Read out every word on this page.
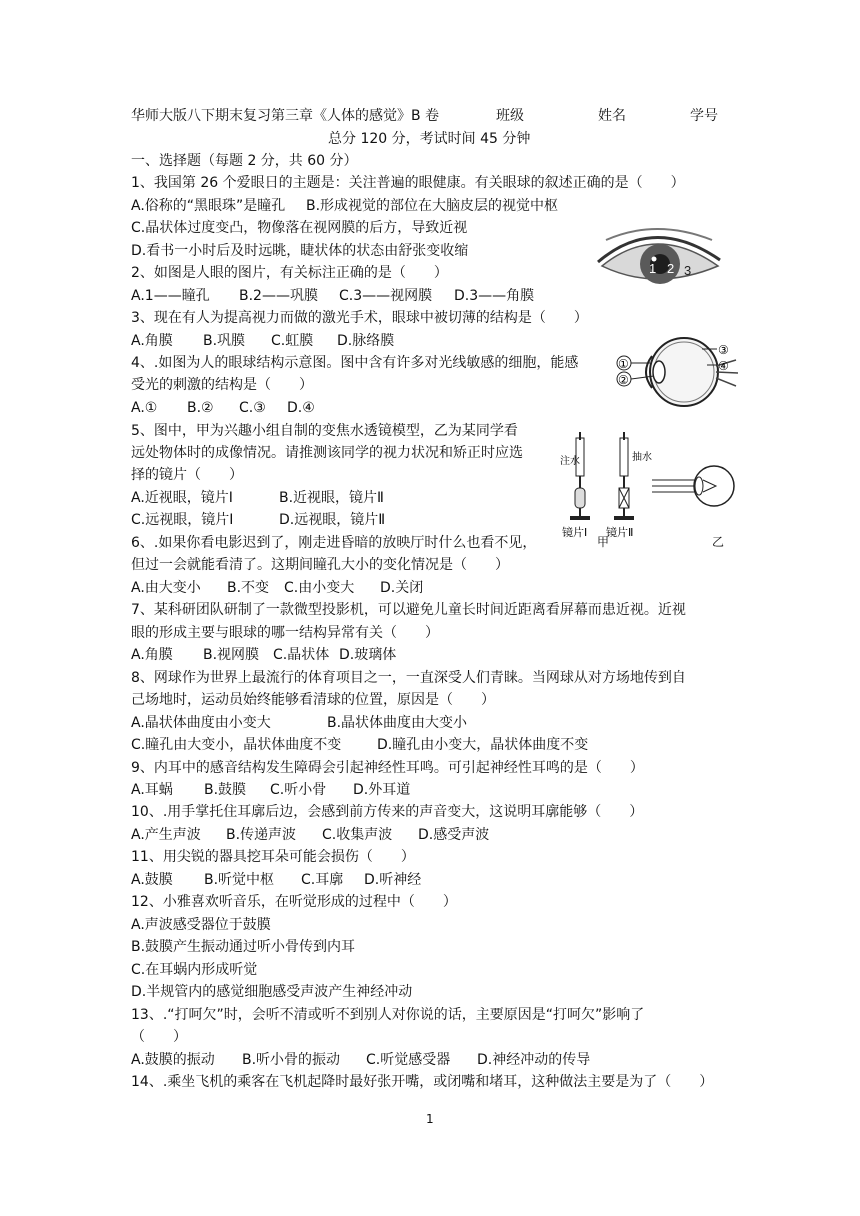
华师大版八下期末复习第三章《人体的感觉》B 卷	班级	姓名	学号
总分 120 分，考试时间 45 分钟
一、选择题（每题 2 分，共 60 分）
1、我国第 26 个爱眼日的主题是：关注普遍的眼健康。有关眼球的叙述正确的是（　　）
A.俗称的“黑眼珠”是瞳孔 B.形成视觉的部位在大脑皮层的视觉中枢
C.晶状体过度变凸，物像落在视网膜的后方，导致近视
D.看书一小时后及时远眺，睫状体的状态由舒张变收缩
2、如图是人眼的图片，有关标注正确的是（　　）
A.1——瞳孔 B.2——巩膜 C.3——视网膜 D.3——角膜
3、现在有人为提高视力而做的激光手术，眼球中被切薄的结构是（　　）
A.角膜 B.巩膜 C.虹膜 D.脉络膜
4、.如图为人的眼球结构示意图。图中含有许多对光线敏感的细胞，能感
受光的刺激的结构是（　　）
A.① B.② C.③ D.④
5、图中，甲为兴趣小组自制的变焦水透镜模型，乙为某同学看
远处物体时的成像情况。请推测该同学的视力状况和矫正时应选
择的镜片（　　）
A.近视眼，镜片Ⅰ	B.近视眼，镜片Ⅱ
C.远视眼，镜片Ⅰ	D.远视眼，镜片Ⅱ
6、.如果你看电影迟到了，刚走进昏暗的放映厅时什么也看不见，
但过一会就能看清了。这期间瞳孔大小的变化情况是（　　）
A.由大变小 B.不变 C.由小变大 D.关闭
7、某科研团队研制了一款微型投影机，可以避免儿童长时间近距离看屏幕而患近视。近视
眼的形成主要与眼球的哪一结构异常有关（　　）
A.角膜 B.视网膜 C.晶状体 D.玻璃体
8、网球作为世界上最流行的体育项目之一，一直深受人们青睐。当网球从对方场地传到自
己场地时，运动员始终能够看清球的位置，原因是（　　）
A.晶状体曲度由小变大	B.晶状体曲度由大变小
C.瞳孔由大变小，晶状体曲度不变	D.瞳孔由小变大，晶状体曲度不变
9、内耳中的感音结构发生障碍会引起神经性耳鸣。可引起神经性耳鸣的是（　　）
A.耳蜗 B.鼓膜 C.听小骨 D.外耳道
10、.用手掌托住耳廓后边，会感到前方传来的声音变大，这说明耳廓能够（　　）
A.产生声波 B.传递声波 C.收集声波 D.感受声波
11、用尖锐的器具挖耳朵可能会损伤（　　）
A.鼓膜 B.听觉中枢 C.耳廓 D.听神经
12、小雅喜欢听音乐，在听觉形成的过程中（　　）
A.声波感受器位于鼓膜
B.鼓膜产生振动通过听小骨传到内耳
C.在耳蜗内形成听觉
D.半规管内的感觉细胞感受声波产生神经冲动
13、.“打呵欠”时，会听不清或听不到别人对你说的话，主要原因是“打呵欠”影响了
（　　）
A.鼓膜的振动 B.听小骨的振动 C.听觉感受器 D.神经冲动的传导
14、.乘坐飞机的乘客在飞机起降时最好张开嘴，或闭嘴和堵耳，这种做法主要是为了（　　）
1 2 3
①
②
③
④
注水
镜片Ⅰ
抽水
镜片Ⅱ
甲	乙
1
